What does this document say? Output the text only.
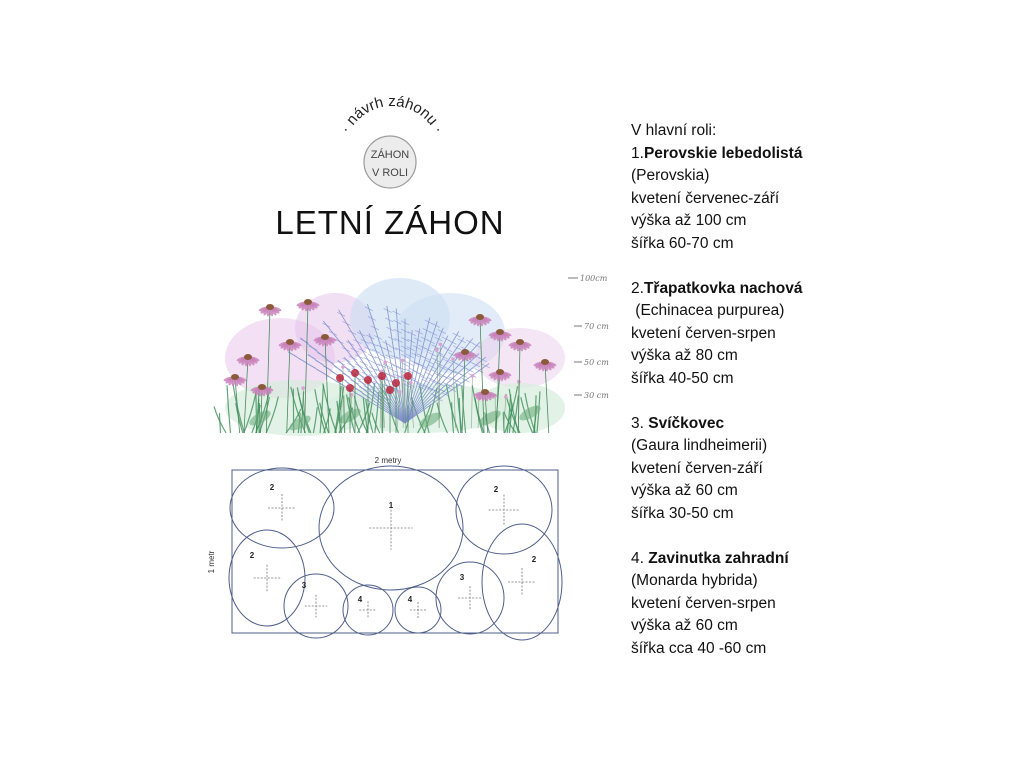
· návrh záhonu ·
ZÁHON
V ROLI
LETNÍ ZÁHON
100cm
70 cm
50 cm
30 cm
2 metry
1 metr
2
1
2
2
3
4	4
3
2
V hlavní roli:
1.Perovskie lebedolistá
(Perovskia)
kvetení červenec-září
výška až 100 cm
šířka 60-70 cm
2.Třapatkovka nachová
(Echinacea purpurea)
kvetení červen-srpen
výška až 80 cm
šířka 40-50 cm
3. Svíčkovec
(Gaura lindheimerii)
kvetení červen-září
výška až 60 cm
šířka 30-50 cm
4. Zavinutka zahradní
(Monarda hybrida)
kvetení červen-srpen
výška až 60 cm
šířka cca 40 -60 cm
